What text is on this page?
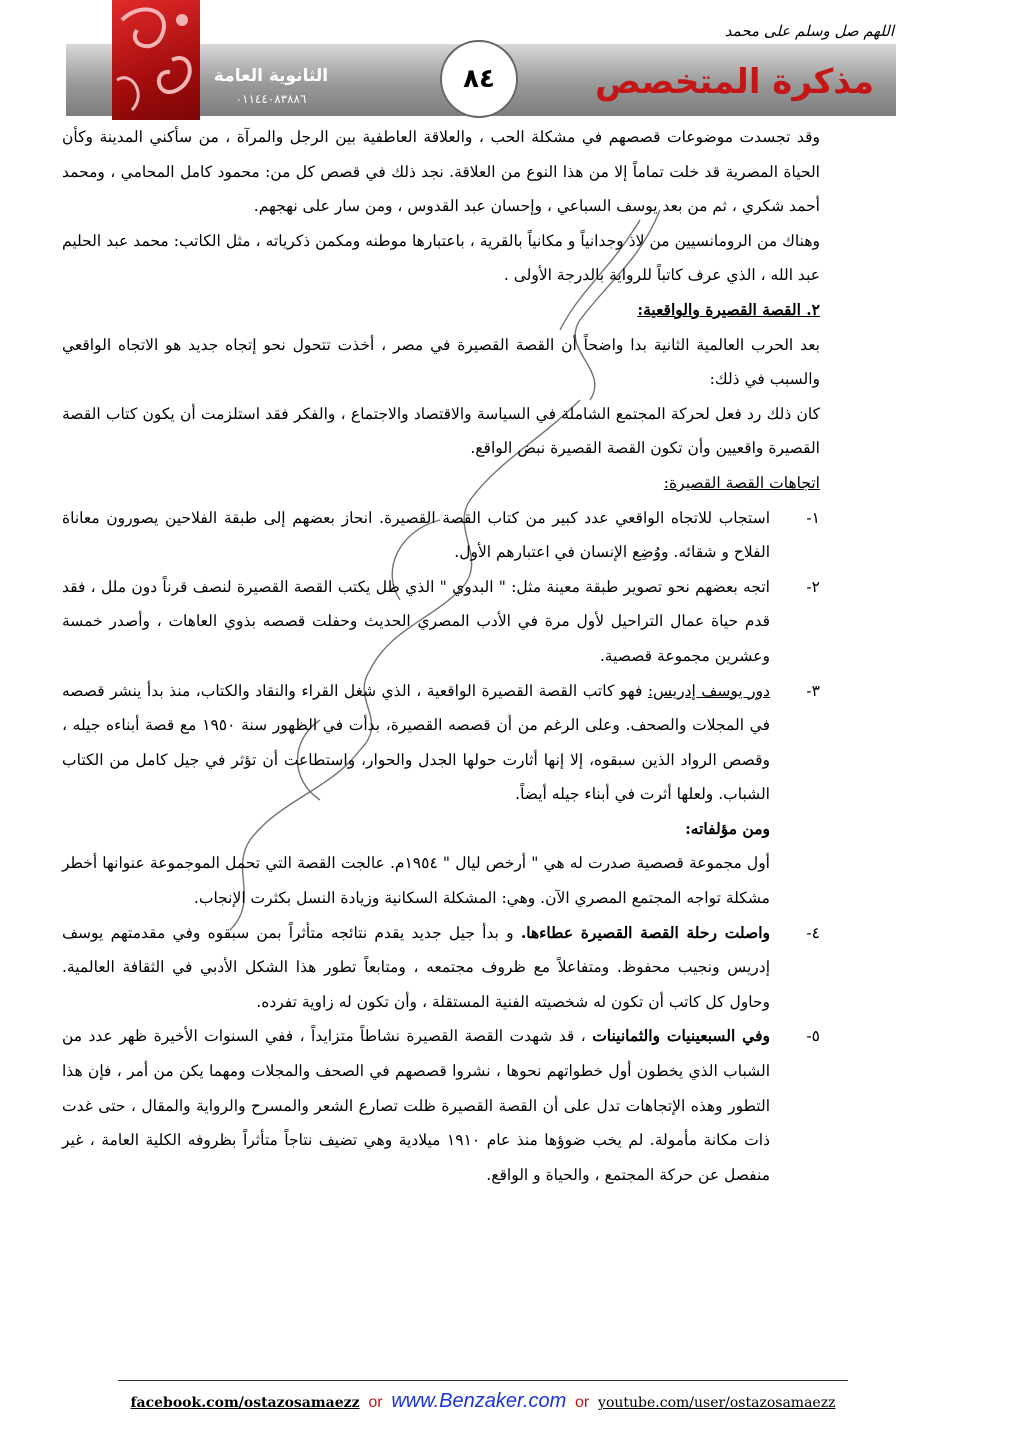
اللهم صل وسلم على محمد
الثانوية العامة
٠١١٤٤٠٨٣٨٨٦
٨٤	مذكرة المتخصص

وقد تجسدت موضوعات قصصهم في مشكلة الحب ، والعلاقة العاطفية بين الرجل والمرآة ، من سأكني المدينة وكأن الحياة المصرية قد خلت تماماً إلا من هذا النوع من العلاقة. نجد ذلك في قصص كل من: محمود كامل المحامي ، ومحمد أحمد شكري ، ثم من بعد يوسف السباعي ، وإحسان عبد القدوس ، ومن سار على نهجهم.

وهناك من الرومانسيين من لاذ وجدانياً و مكانياً بالقرية ، باعتبارها موطنه ومكمن ذكرياته ، مثل الكاتب: محمد عبد الحليم عبد الله ، الذي عرف كاتباً للرواية بالدرجة الأولى .

٢. القصة القصيرة والواقعية:

بعد الحرب العالمية الثانية بدا واضحاً أن القصة القصيرة في مصر ، أخذت تتحول نحو إتجاه جديد هو الاتجاه الواقعي والسبب في ذلك:

كان ذلك رد فعل لحركة المجتمع الشاملة في السياسة والاقتصاد والاجتماع ، والفكر فقد استلزمت أن يكون كتاب القصة القصيرة واقعيين وأن تكون القصة القصيرة نبض الواقع.

اتجاهات القصة القصيرة:

١-
استجاب للاتجاه الواقعي عدد كبير من كتاب القصة القصيرة. انحاز بعضهم إلى طبقة الفلاحين يصورون معاناة الفلاح و شقائه. ووُضِع الإنسان في اعتبارهم الأول.
٢-
اتجه بعضهم نحو تصوير طبقة معينة مثل: " البدوي " الذي ظل يكتب القصة القصيرة لنصف قرناً دون ملل ، فقد قدم حياة عمال التراحيل لأول مرة في الأدب المصري الحديث وحفلت قصصه بذوي العاهات ، وأصدر خمسة وعشرين مجموعة قصصية.
٣-
دور يوسف إدريس: فهو كاتب القصة القصيرة الواقعية ، الذي شغل القراء والنقاد والكتاب، منذ بدأ ينشر قصصه في المجلات والصحف. وعلى الرغم من أن قصصه القصيرة، بدأت في الظهور سنة ١٩٥٠ مع قصة أبناءه جيله ، وقصص الرواد الذين سبقوه، إلا إنها أثارت حولها الجدل والحوار، واستطاعت أن تؤثر في جيل كامل من الكتاب الشباب. ولعلها أثرت في أبناء جيله أيضاً.

ومن مؤلفاته:

أول مجموعة قصصية صدرت له هي " أرخص ليال " ١٩٥٤م. عالجت القصة التي تحمل الموجموعة عنوانها أخطر مشكلة تواجه المجتمع المصري الآن. وهي: المشكلة السكانية وزيادة النسل بكثرت الإنجاب.

٤-
واصلت رحلة القصة القصيرة عطاءها. و بدأ جيل جديد يقدم نتائجه متأثراً بمن سبقوه وفي مقدمتهم يوسف إدريس ونجيب محفوظ. ومتفاعلاً مع ظروف مجتمعه ، ومتابعاً تطور هذا الشكل الأدبي في الثقافة العالمية. وحاول كل كاتب أن تكون له شخصيته الفنية المستقلة ، وأن تكون له زاوية تفرده.
٥-
وفي السبعينيات والثمانينات ، قد شهدت القصة القصيرة نشاطاً متزايداً ، ففي السنوات الأخيرة ظهر عدد من الشباب الذي يخطون أول خطواتهم نحوها ، نشروا قصصهم في الصحف والمجلات ومهما يكن من أمر ، فإن هذا التطور وهذه الإتجاهات تدل على أن القصة القصيرة ظلت تصارع الشعر والمسرح والرواية والمقال ، حتى غدت ذات مكانة مأمولة. لم يخب ضوؤها منذ عام ١٩١٠ ميلادية وهي تضيف نتاجاً متأثراً بظروفه الكلية العامة ، غير منفصل عن حركة المجتمع ، والحياة و الواقع.
facebook.com/ostazosamaezz or www.Benzaker.com or youtube.com/user/ostazosamaezz
